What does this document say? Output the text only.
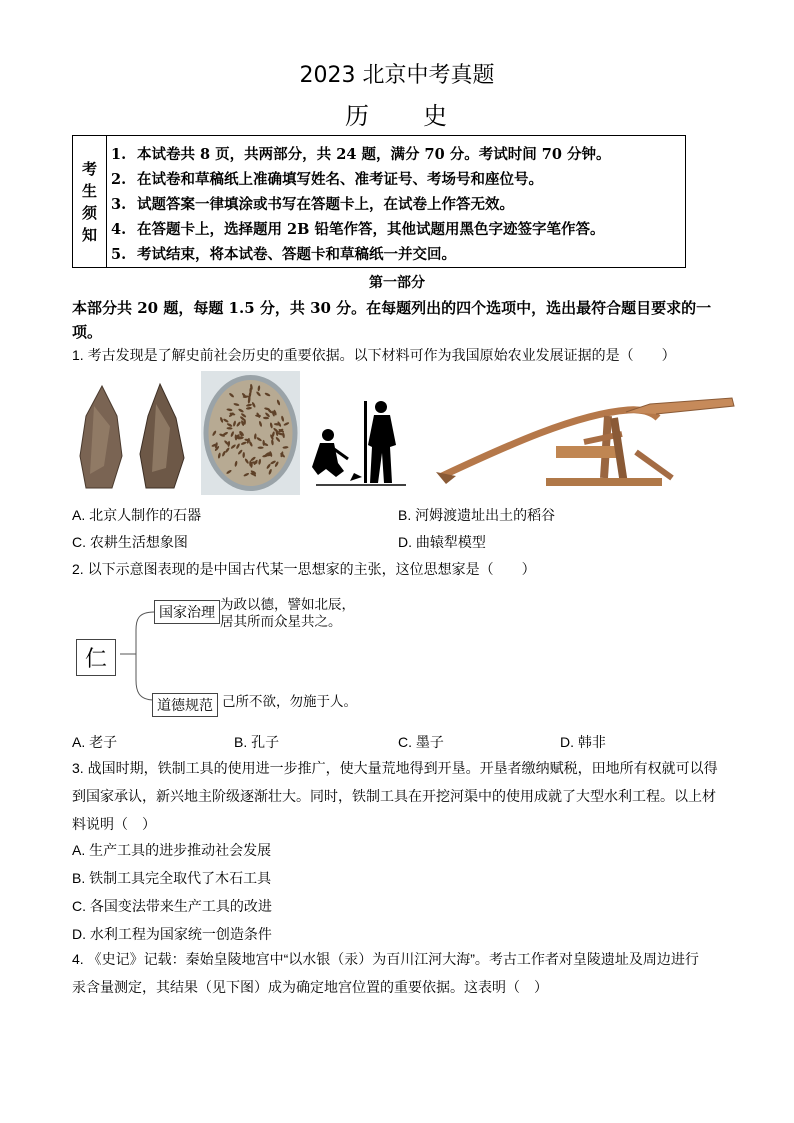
2023 北京中考真题
历　　史
考
生
须
知
1. 本试卷共 8 页，共两部分，共 24 题，满分 70 分。考试时间 70 分钟。
2. 在试卷和草稿纸上准确填写姓名、准考证号、考场号和座位号。
3. 试题答案一律填涂或书写在答题卡上，在试卷上作答无效。
4. 在答题卡上，选择题用 2B 铅笔作答，其他试题用黑色字迹签字笔作答。
5. 考试结束，将本试卷、答题卡和草稿纸一并交回。
第一部分
本部分共 20 题，每题 1.5 分，共 30 分。在每题列出的四个选项中，选出最符合题目要求的一项。
1. 考古发现是了解史前社会历史的重要依据。以下材料可作为我国原始农业发展证据的是（　　）
A. 北京人制作的石器	B. 河姆渡遗址出土的稻谷
C. 农耕生活想象图	D. 曲辕犁模型
2. 以下示意图表现的是中国古代某一思想家的主张，这位思想家是（　　）
仁
国家治理 为政以德，譬如北辰，
居其所而众星共之。
道德规范 己所不欲，勿施于人。
A. 老子	B. 孔子	C. 墨子	D. 韩非
3. 战国时期，铁制工具的使用进一步推广，使大量荒地得到开垦。开垦者缴纳赋税，田地所有权就可以得
到国家承认，新兴地主阶级逐渐壮大。同时，铁制工具在开挖河渠中的使用成就了大型水利工程。以上材
料说明（　）
A. 生产工具的进步推动社会发展
B. 铁制工具完全取代了木石工具
C. 各国变法带来生产工具的改进
D. 水利工程为国家统一创造条件
4. 《史记》记载：秦始皇陵地宫中“以水银（汞）为百川江河大海”。考古工作者对皇陵遗址及周边进行
汞含量测定，其结果（见下图）成为确定地宫位置的重要依据。这表明（　）
